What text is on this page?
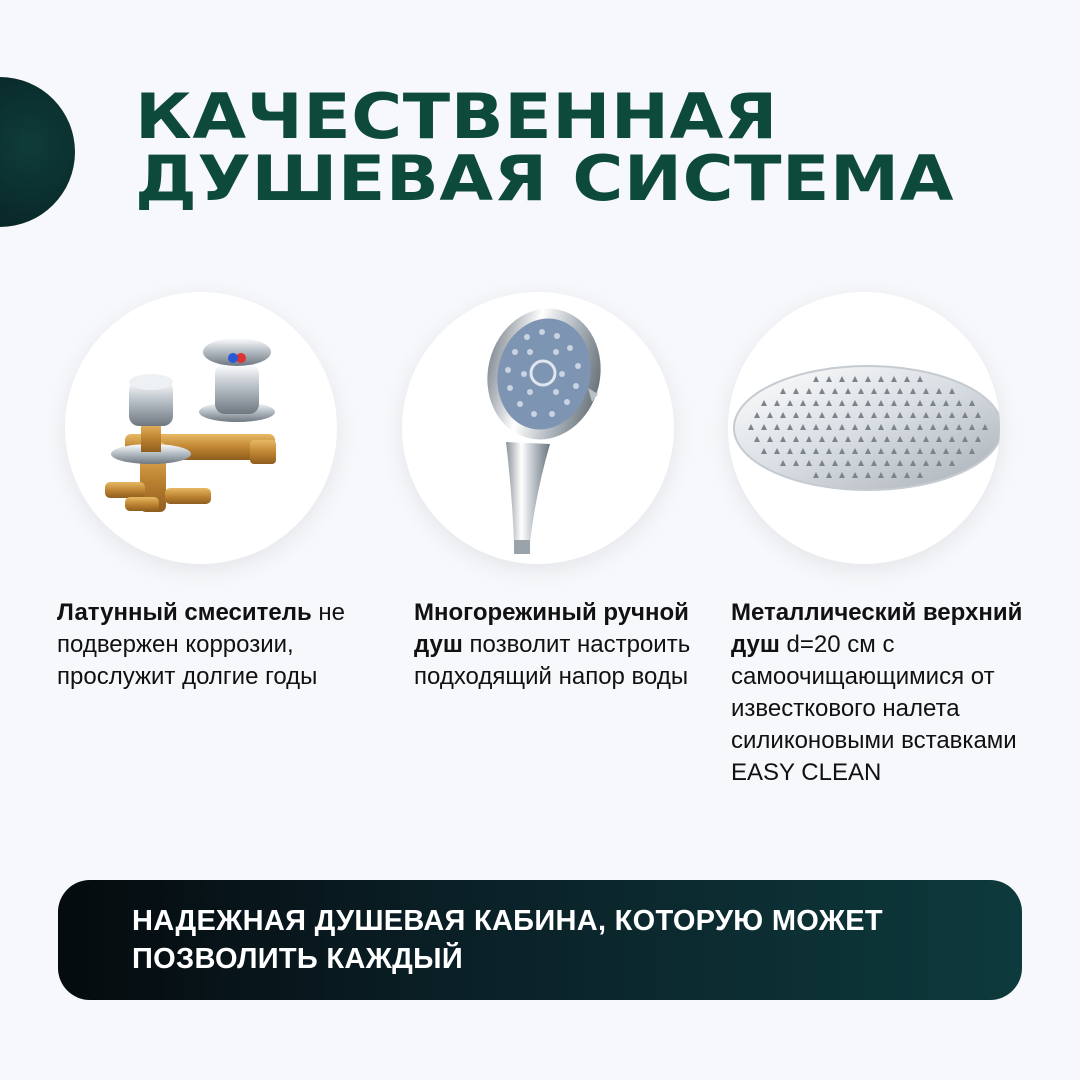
КАЧЕСТВЕННАЯ
ДУШЕВАЯ СИСТЕМА
Латунный смеситель не подвержен коррозии, прослужит долгие годы
Многорежиный ручной душ позволит настроить подходящий напор воды
Металлический верхний душ d=20 см с самоочищающимися от известкового налета силиконовыми вставками EASY CLEAN
НАДЕЖНАЯ ДУШЕВАЯ КАБИНА, КОТОРУЮ МОЖЕТ ПОЗВОЛИТЬ КАЖДЫЙ
